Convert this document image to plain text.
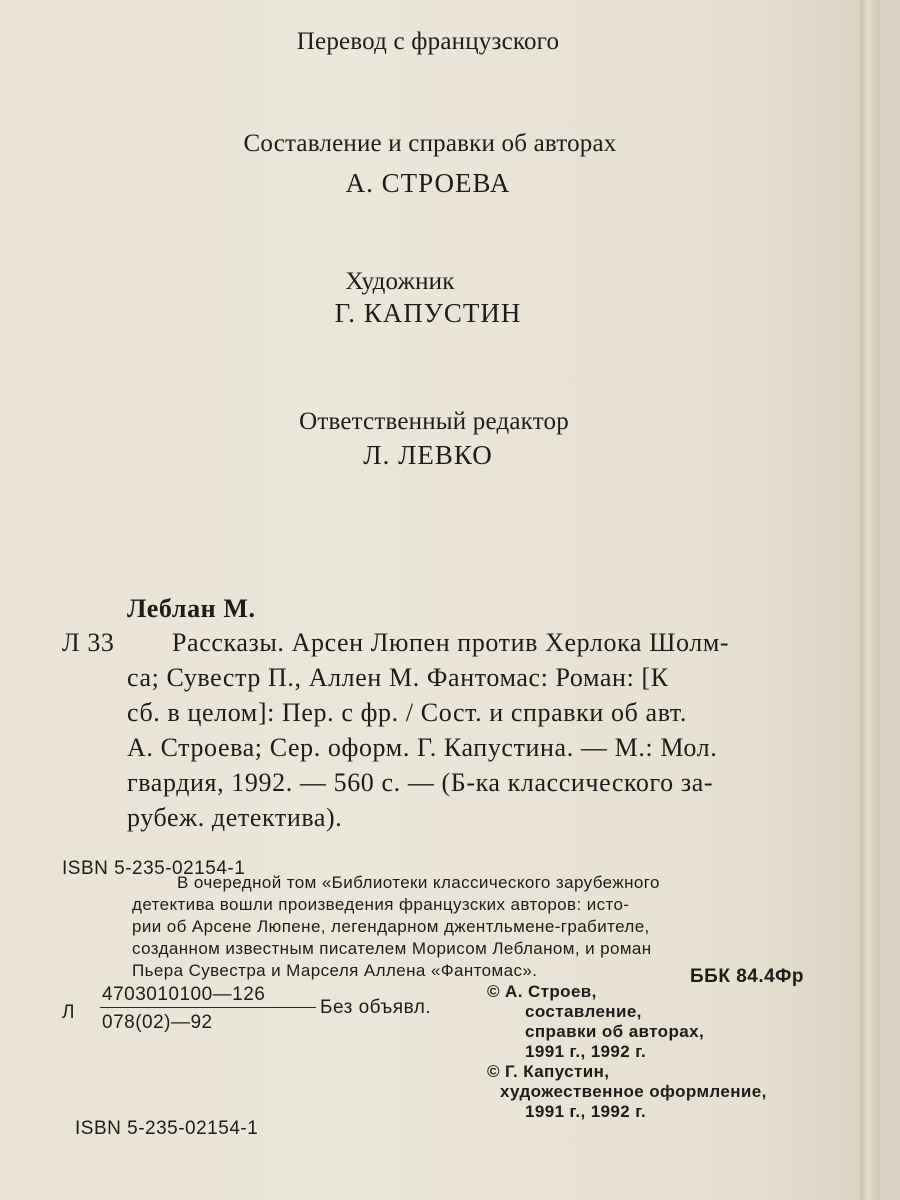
Перевод с французского
Составление и справки об авторах
А. СТРОЕВА
Художник
Г. КАПУСТИН
Ответственный редактор
Л. ЛЕВКО
Леблан М.
Л 33 Рассказы. Арсен Люпен против Херлока Шолм-
са; Сувестр П., Аллен М. Фантомас: Роман: [К
сб. в целом]: Пер. с фр. / Сост. и справки об авт.
А. Строева; Сер. оформ. Г. Капустина. — М.: Мол.
гвардия, 1992. — 560 с. — (Б-ка классического за-
рубеж. детектива).
ISBN 5-235-02154-1
В очередной том «Библиотеки классического зарубежного
детектива вошли произведения французских авторов: исто-
рии об Арсене Люпене, легендарном джентльмене-грабителе,
созданном известным писателем Морисом Лебланом, и роман
Пьера Сувестра и Марселя Аллена «Фантомас».	ББК 84.4Фр
Л
4703010100—126
078(02)—92
Без объявл.
© А. Строев,
составление,
справки об авторах,
1991 г., 1992 г.
© Г. Капустин,
художественное оформление,
1991 г., 1992 г.
ISBN 5-235-02154-1
